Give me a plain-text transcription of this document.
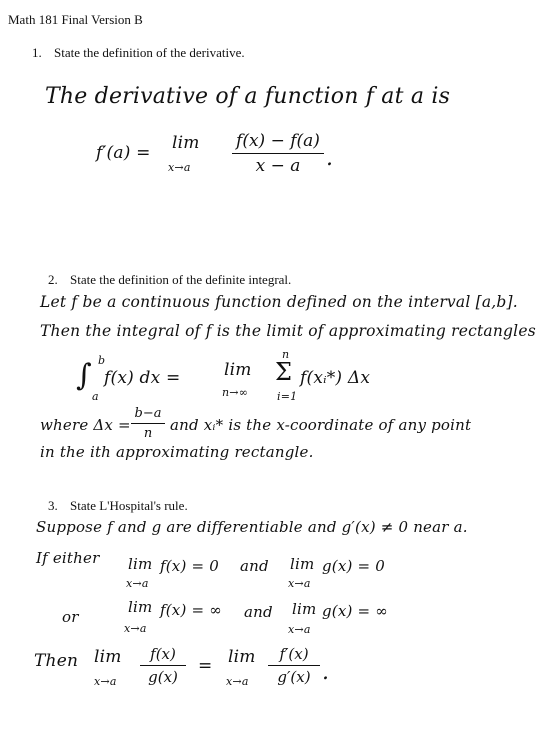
Math 181 Final Version B
1. State the definition of the derivative.
The derivative of a function f at a is
f′(a) = lim
x→a
f(x) − f(a)
x − a .
2. State the definition of the definite integral.
Let f be a continuous function defined on the interval [a,b].
Then the integral of f is the limit of approximating rectangles
∫ b
a
f(x) dx =	lim
n→∞
n
Σ
i=1
f(xᵢ*) Δx
where Δx =
b−a
n and xᵢ* is the x-coordinate of any point
in the ith approximating rectangle.
3. State L'Hospital's rule.
Suppose f and g are differentiable and g′(x) ≠ 0 near a.
If either lim
x→a
f(x) = 0 and lim
x→a
g(x) = 0
or
lim
x→a
f(x) = ∞ and lim
x→a
g(x) = ∞
Then lim
x→a
f(x)
g(x)
= lim
x→a
f′(x)
g′(x) .
